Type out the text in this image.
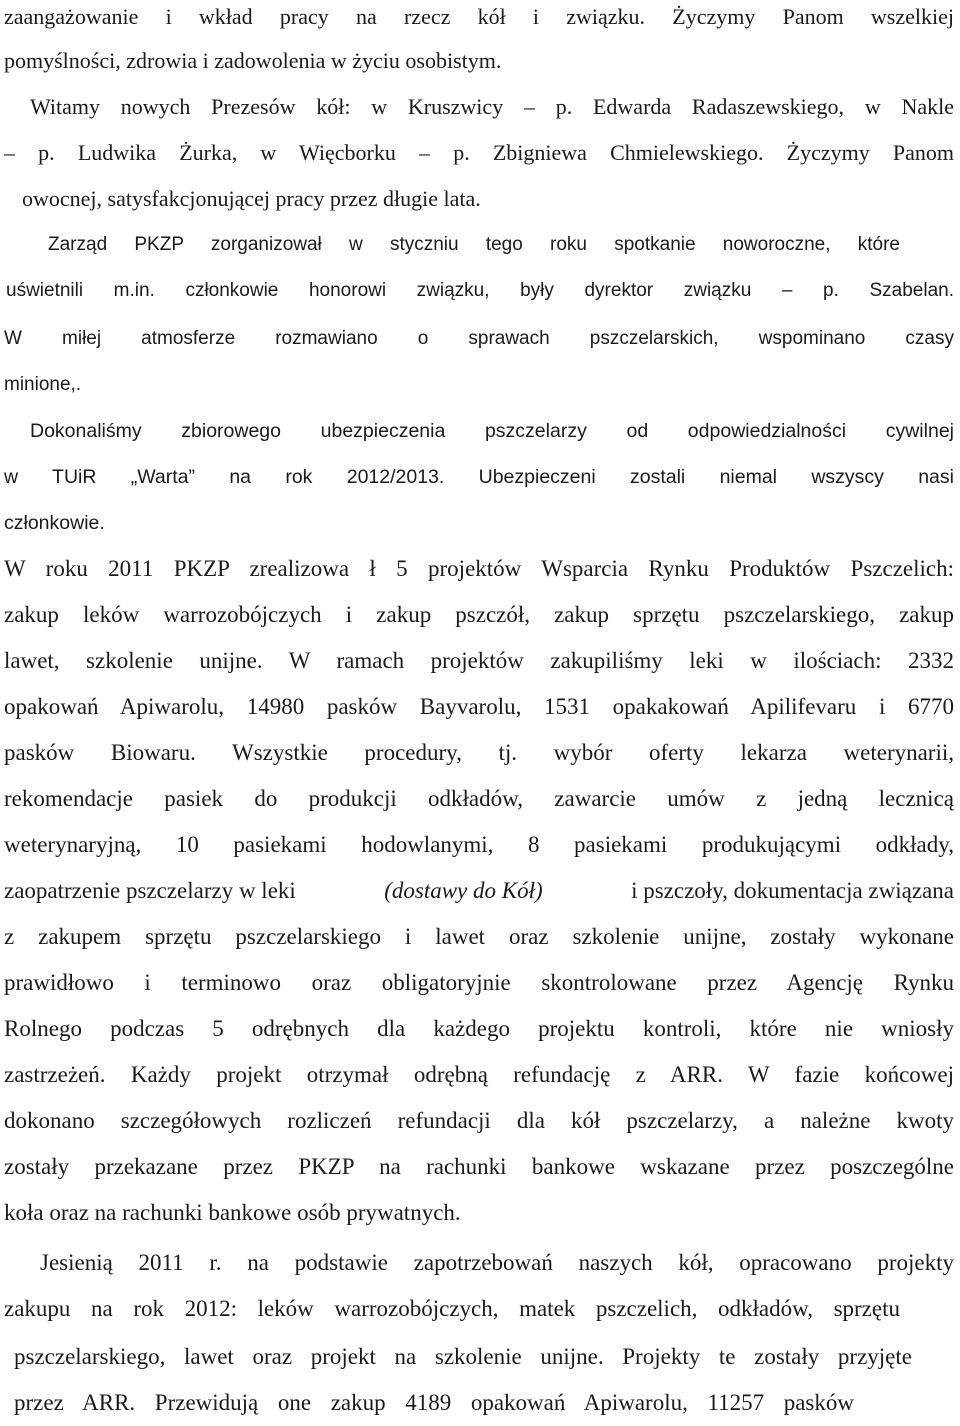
zaangażowanie i wkład pracy na rzecz kół i związku. Życzymy Panom wszelkiej
pomyślności, zdrowia i zadowolenia w życiu osobistym.
Witamy nowych Prezesów kół: w Kruszwicy – p. Edwarda Radaszewskiego, w Nakle
– p. Ludwika Żurka, w Więcborku – p. Zbigniewa Chmielewskiego. Życzymy Panom
owocnej, satysfakcjonującej pracy przez długie lata.
Zarząd PKZP zorganizował w styczniu tego roku spotkanie noworoczne, które
uświetnili m.in. członkowie honorowi związku, były dyrektor związku – p. Szabelan.
W miłej atmosferze rozmawiano o sprawach pszczelarskich, wspominano czasy
minione,.
Dokonaliśmy zbiorowego ubezpieczenia pszczelarzy od odpowiedzialności cywilnej
w TUiR „Warta” na rok 2012/2013. Ubezpieczeni zostali niemal wszyscy nasi
członkowie.
W roku 2011 PKZP zrealizowa ł 5 projektów Wsparcia Rynku Produktów Pszczelich:
zakup leków warrozobójczych i zakup pszczół, zakup sprzętu pszczelarskiego, zakup
lawet, szkolenie unijne. W ramach projektów zakupiliśmy leki w ilościach: 2332
opakowań Apiwarolu, 14980 pasków Bayvarolu, 1531 opakakowań Apilifevaru i 6770
pasków Biowaru. Wszystkie procedury, tj. wybór oferty lekarza weterynarii,
rekomendacje pasiek do produkcji odkładów, zawarcie umów z jedną lecznicą
weterynaryjną, 10 pasiekami hodowlanymi, 8 pasiekami produkującymi odkłady,
zaopatrzenie pszczelarzy w leki	(dostawy do Kół)	i pszczoły, dokumentacja związana
z zakupem sprzętu pszczelarskiego i lawet oraz szkolenie unijne, zostały wykonane
prawidłowo i terminowo oraz obligatoryjnie skontrolowane przez Agencję Rynku
Rolnego podczas 5 odrębnych dla każdego projektu kontroli, które nie wniosły
zastrzeżeń. Każdy projekt otrzymał odrębną refundację z ARR. W fazie końcowej
dokonano szczegółowych rozliczeń refundacji dla kół pszczelarzy, a należne kwoty
zostały przekazane przez PKZP na rachunki bankowe wskazane przez poszczególne
koła oraz na rachunki bankowe osób prywatnych.
Jesienią 2011 r. na podstawie zapotrzebowań naszych kół, opracowano projekty
zakupu na rok 2012: leków warrozobójczych, matek pszczelich, odkładów, sprzętu
pszczelarskiego, lawet oraz projekt na szkolenie unijne. Projekty te zostały przyjęte
przez ARR. Przewidują one zakup 4189 opakowań Apiwarolu, 11257 pasków
